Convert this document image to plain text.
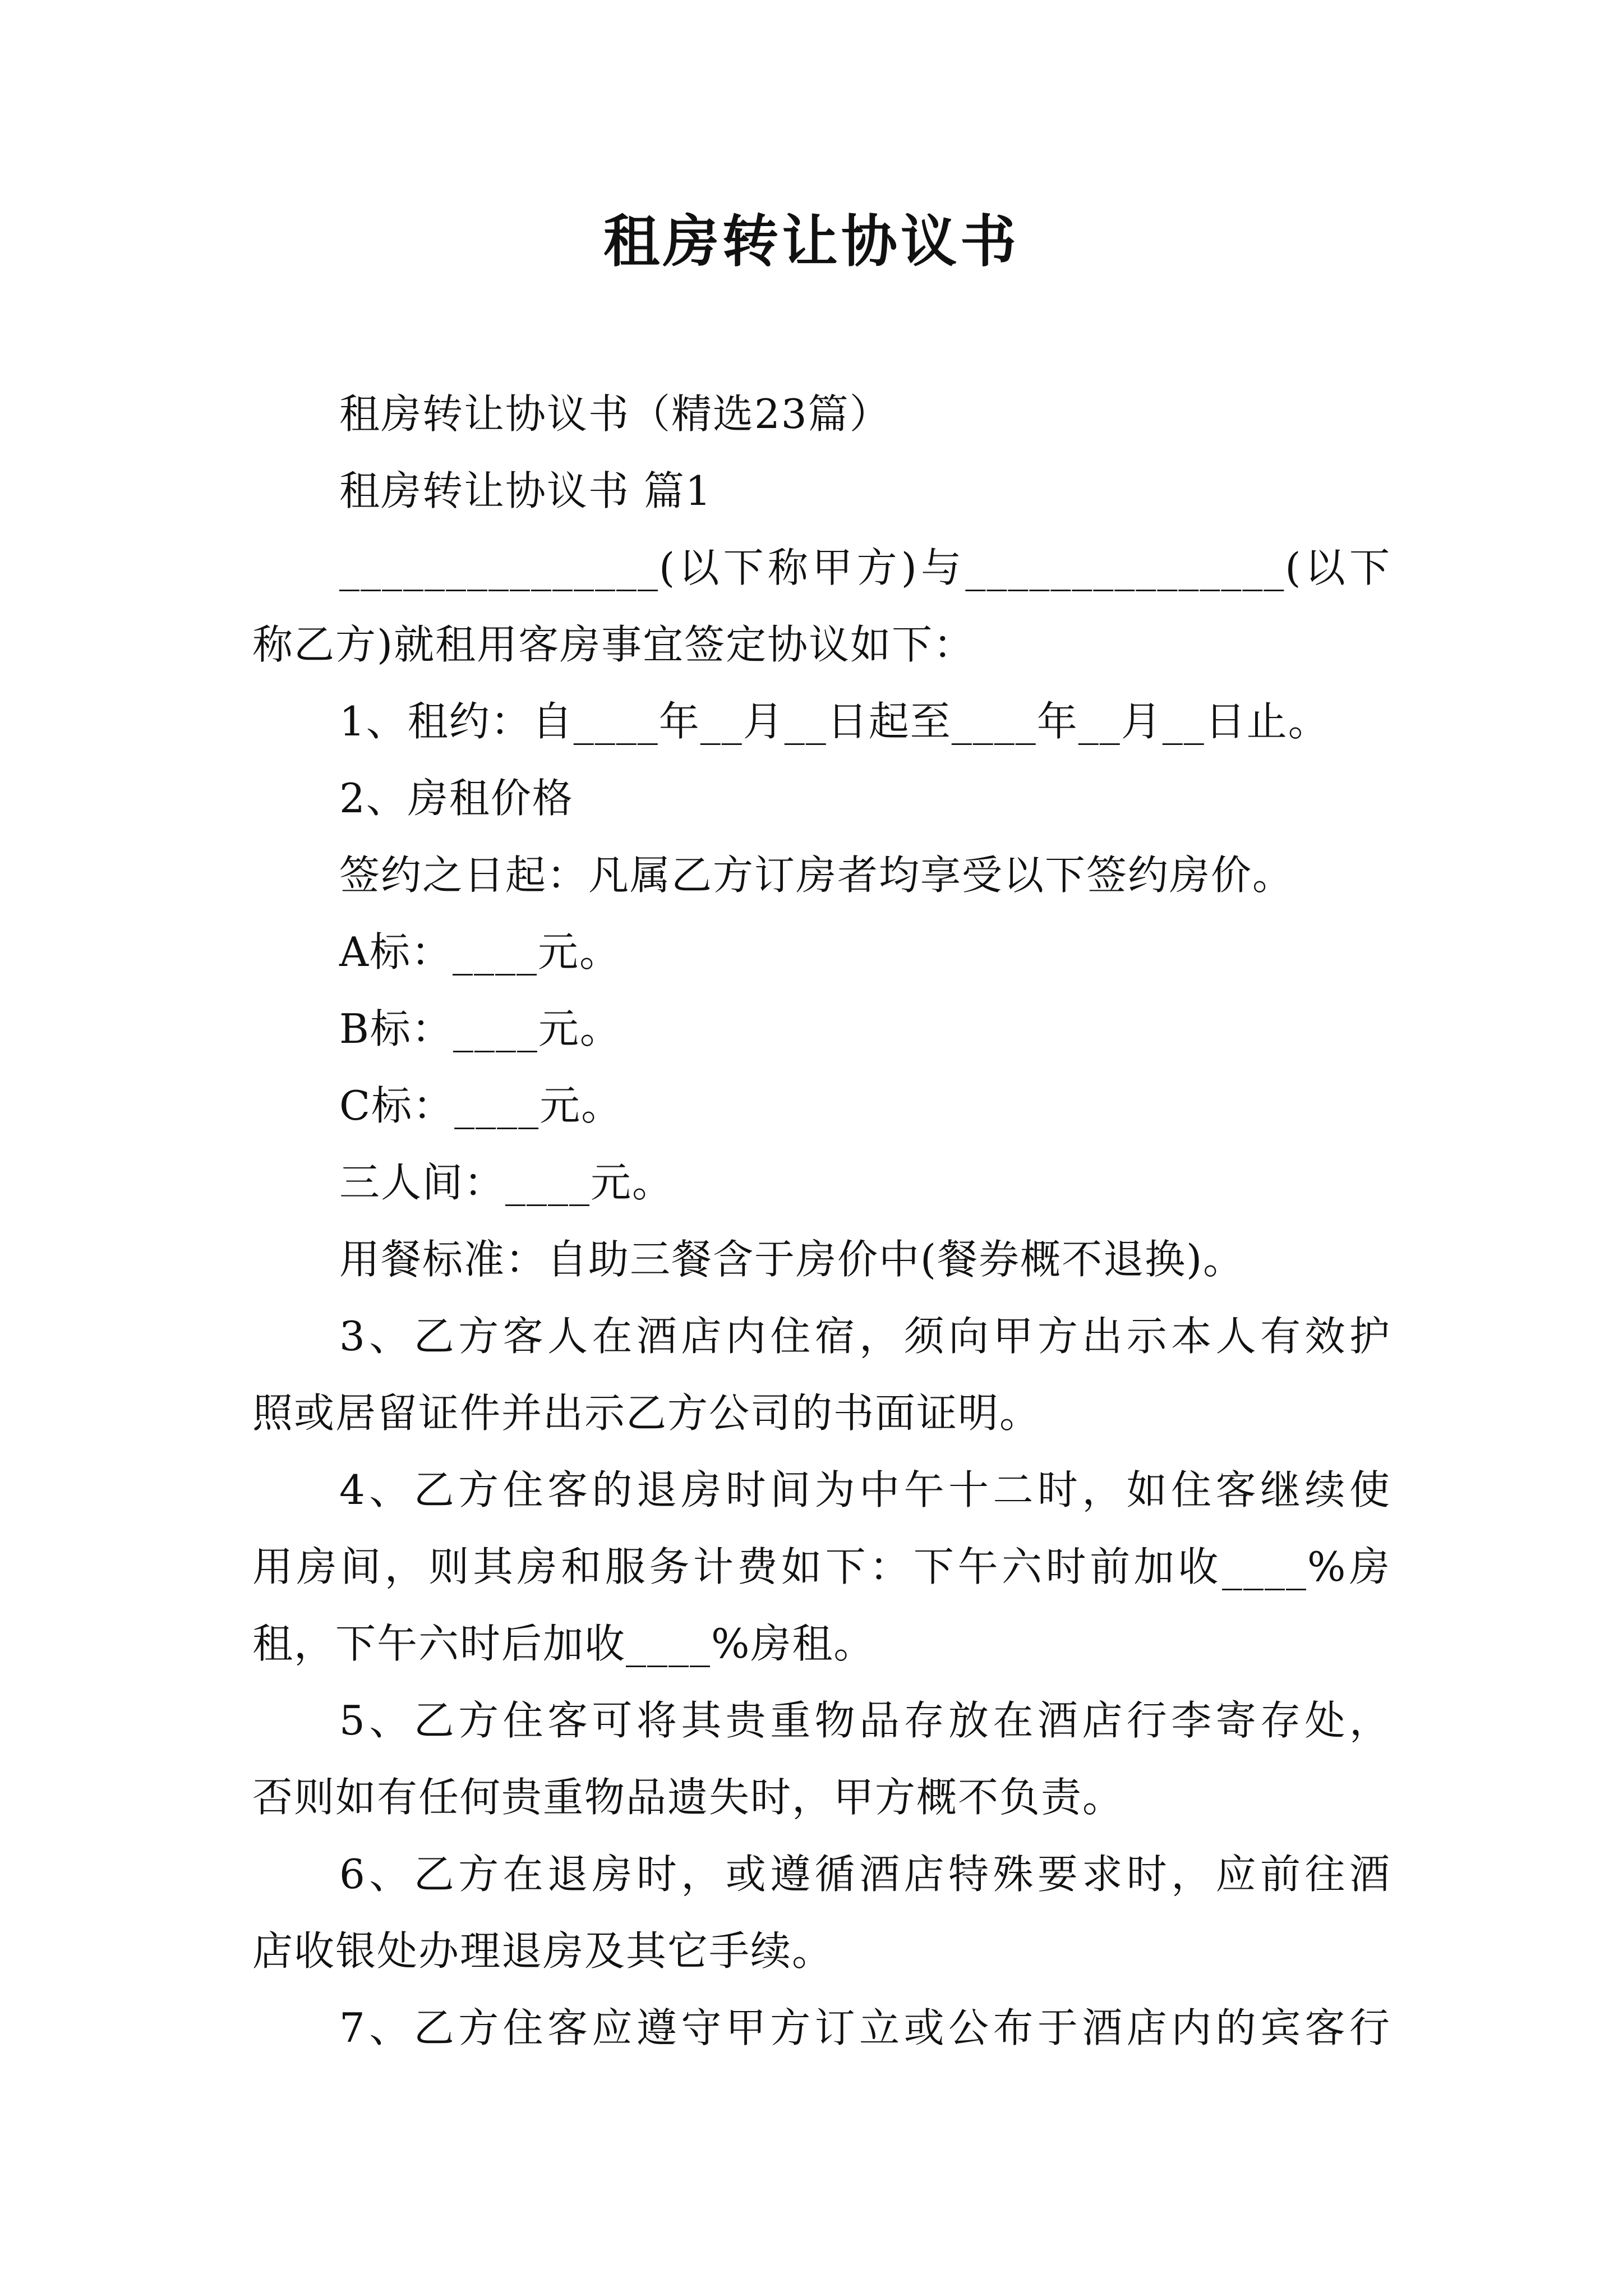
租房转让协议书

租房转让协议书（精选23篇）

租房转让协议书 篇1

_______________(以下称甲方)与_______________(以下

称乙方)就租用客房事宜签定协议如下：

1、租约：自____年__月__日起至____年__月__日止。

2、房租价格

签约之日起：凡属乙方订房者均享受以下签约房价。

A标：____元。

B标：____元。

C标：____元。

三人间：____元。

用餐标准：自助三餐含于房价中(餐券概不退换)。

3、乙方客人在酒店内住宿，须向甲方出示本人有效护

照或居留证件并出示乙方公司的书面证明。

4、乙方住客的退房时间为中午十二时，如住客继续使

用房间，则其房和服务计费如下：下午六时前加收____%房

租，下午六时后加收____%房租。

5、乙方住客可将其贵重物品存放在酒店行李寄存处，

否则如有任何贵重物品遗失时，甲方概不负责。

6、乙方在退房时，或遵循酒店特殊要求时，应前往酒

店收银处办理退房及其它手续。

7、乙方住客应遵守甲方订立或公布于酒店内的宾客行
